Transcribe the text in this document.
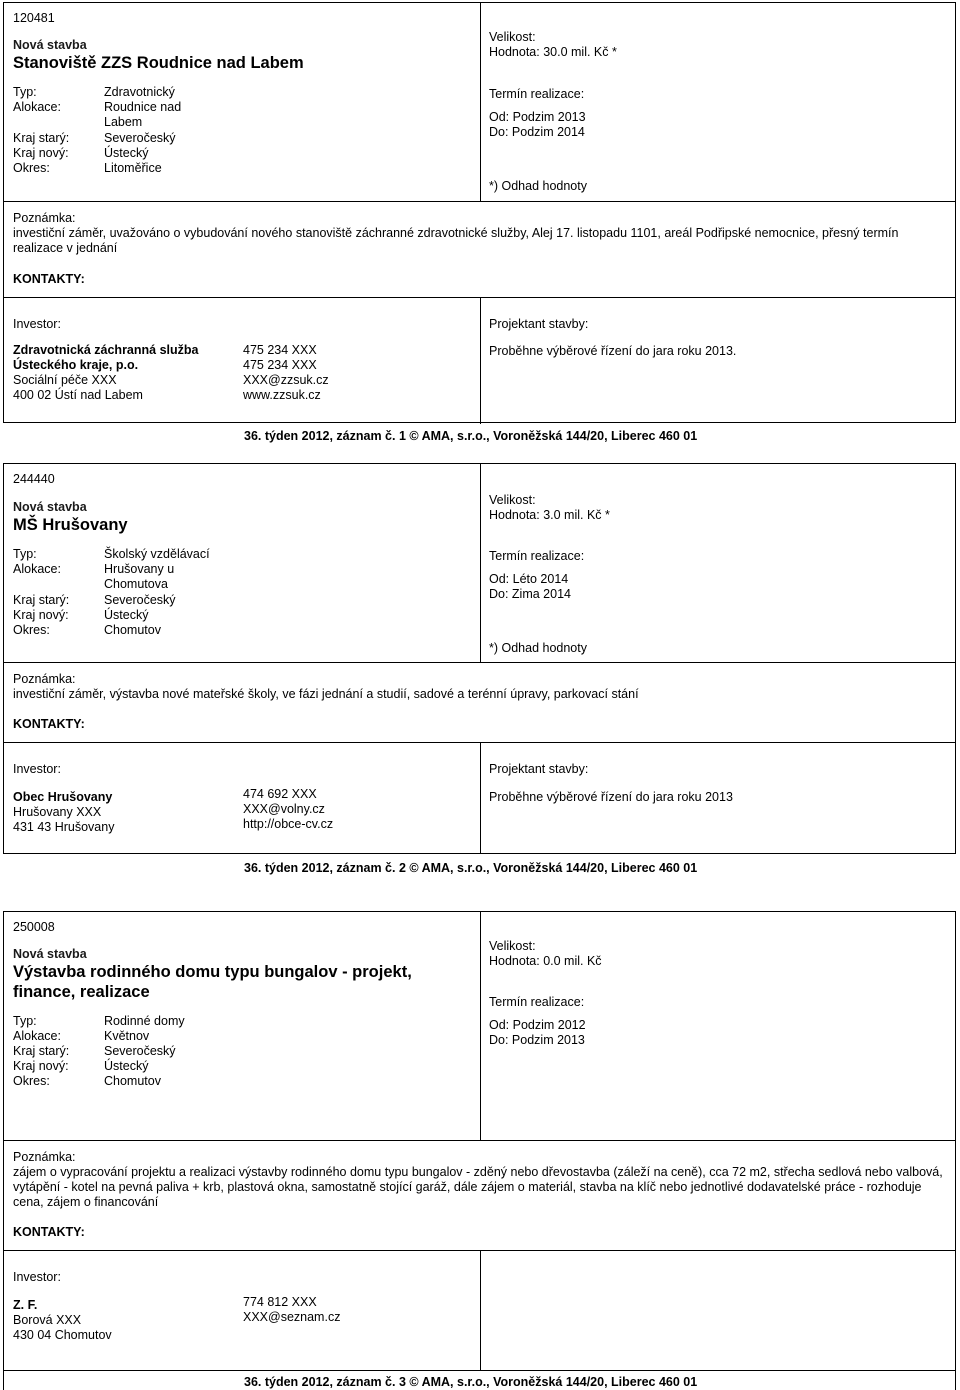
120481
Nová stavba
Stanoviště ZZS Roudnice nad Labem
Typ:	Zdravotnický
Alokace:	Roudnice nad
Labem
Kraj starý:	Severočeský
Kraj nový:	Ústecký
Okres:	Litoměřice
Velikost:
Hodnota: 30.0 mil. Kč *
Termín realizace:
Od: Podzim 2013
Do: Podzim 2014
*) Odhad hodnoty
Poznámka:
investiční záměr, uvažováno o vybudování nového stanoviště záchranné zdravotnické služby, Alej 17. listopadu 1101, areál Podřipské nemocnice, přesný termín realizace v jednání
KONTAKTY:
Investor:
Zdravotnická záchranná služba
Ústeckého kraje, p.o.
Sociální péče XXX
400 02 Ústí nad Labem
475 234 XXX
475 234 XXX
XXX@zzsuk.cz
www.zzsuk.cz
Projektant stavby:
Proběhne výběrové řízení do jara roku 2013.
36. týden 2012, záznam č. 1 © AMA, s.r.o., Voroněžská 144/20, Liberec 460 01
244440
Nová stavba
MŠ Hrušovany
Typ:	Školský vzdělávací
Alokace:	Hrušovany u
Chomutova
Kraj starý:	Severočeský
Kraj nový:	Ústecký
Okres:	Chomutov
Velikost:
Hodnota: 3.0 mil. Kč *
Termín realizace:
Od: Léto 2014
Do: Zima 2014
*) Odhad hodnoty
Poznámka:
investiční záměr, výstavba nové mateřské školy, ve fázi jednání a studií, sadové a terénní úpravy, parkovací stání
KONTAKTY:
Investor:
Obec Hrušovany
Hrušovany XXX
431 43 Hrušovany
474 692 XXX
XXX@volny.cz
http://obce-cv.cz
Projektant stavby:
Proběhne výběrové řízení do jara roku 2013
36. týden 2012, záznam č. 2 © AMA, s.r.o., Voroněžská 144/20, Liberec 460 01
250008
Nová stavba
Výstavba rodinného domu typu bungalov - projekt,
finance, realizace
Typ:	Rodinné domy
Alokace:	Květnov
Kraj starý:	Severočeský
Kraj nový:	Ústecký
Okres:	Chomutov
Velikost:
Hodnota: 0.0 mil. Kč
Termín realizace:
Od: Podzim 2012
Do: Podzim 2013
Poznámka:
zájem o vypracování projektu a realizaci výstavby rodinného domu typu bungalov - zděný nebo dřevostavba (záleží na ceně), cca 72 m2, střecha sedlová nebo valbová, vytápění - kotel na pevná paliva + krb, plastová okna, samostatně stojící garáž, dále zájem o materiál, stavba na klíč nebo jednotlivé dodavatelské práce - rozhoduje cena, zájem o financování
KONTAKTY:
Investor:
Z. F.
Borová XXX
430 04 Chomutov
774 812 XXX
XXX@seznam.cz
36. týden 2012, záznam č. 3 © AMA, s.r.o., Voroněžská 144/20, Liberec 460 01
